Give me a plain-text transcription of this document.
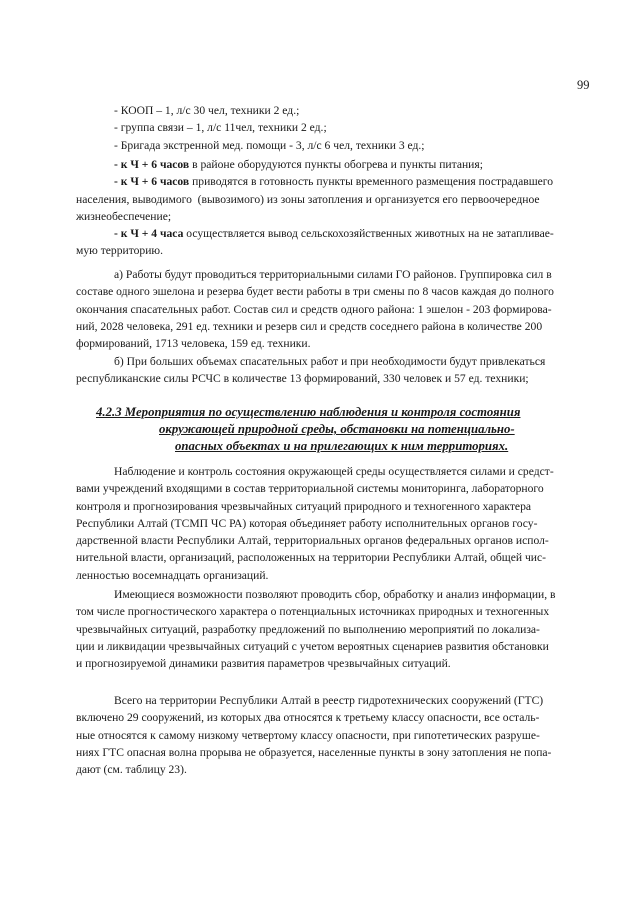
99
- КООП – 1, л/с 30 чел, техники 2 ед.;
- группа связи – 1, л/с 11чел, техники 2 ед.;
- Бригада экстренной мед. помощи - 3, л/с 6 чел, техники 3 ед.;
- к Ч + 6 часов в районе оборудуются пункты обогрева и пункты питания;
- к Ч + 6 часов приводятся в готовность пункты временного размещения пострадавшего
населения, выводимого  (вывозимого) из зоны затопления и организуется его первоочередное
жизнеобеспечение;
- к Ч + 4 часа осуществляется вывод сельскохозяйственных животных на не затапливае-
мую территорию.
а) Работы будут проводиться территориальными силами ГО районов. Группировка сил в
составе одного эшелона и резерва будет вести работы в три смены по 8 часов каждая до полного
окончания спасательных работ. Состав сил и средств одного района: 1 эшелон - 203 формирова-
ний, 2028 человека, 291 ед. техники и резерв сил и средств соседнего района в количестве 200
формирований, 1713 человека, 159 ед. техники.
б) При больших объемах спасательных работ и при необходимости будут привлекаться
республиканские силы РСЧС в количестве 13 формирований, 330 человек и 57 ед. техники;
4.2.3 Мероприятия по осуществлению наблюдения и контроля состояния
окружающей природной среды, обстановки на потенциально-
опасных объектах и на прилегающих к ним территориях.
Наблюдение и контроль состояния окружающей среды осуществляется силами и средст-
вами учреждений входящими в состав территориальной системы мониторинга, лабораторного
контроля и прогнозирования чрезвычайных ситуаций природного и техногенного характера
Республики Алтай (ТСМП ЧС РА) которая объединяет работу исполнительных органов госу-
дарственной власти Республики Алтай, территориальных органов федеральных органов испол-
нительной власти, организаций, расположенных на территории Республики Алтай, общей чис-
ленностью восемнадцать организаций.
Имеющиеся возможности позволяют проводить сбор, обработку и анализ информации, в
том числе прогностического характера о потенциальных источниках природных и техногенных
чрезвычайных ситуаций, разработку предложений по выполнению мероприятий по локализа-
ции и ликвидации чрезвычайных ситуаций с учетом вероятных сценариев развития обстановки
и прогнозируемой динамики развития параметров чрезвычайных ситуаций.
Всего на территории Республики Алтай в реестр гидротехнических сооружений (ГТС)
включено 29 сооружений, из которых два относятся к третьему классу опасности, все осталь-
ные относятся к самому низкому четвертому классу опасности, при гипотетических разруше-
ниях ГТС опасная волна прорыва не образуется, населенные пункты в зону затопления не попа-
дают (см. таблицу 23).
